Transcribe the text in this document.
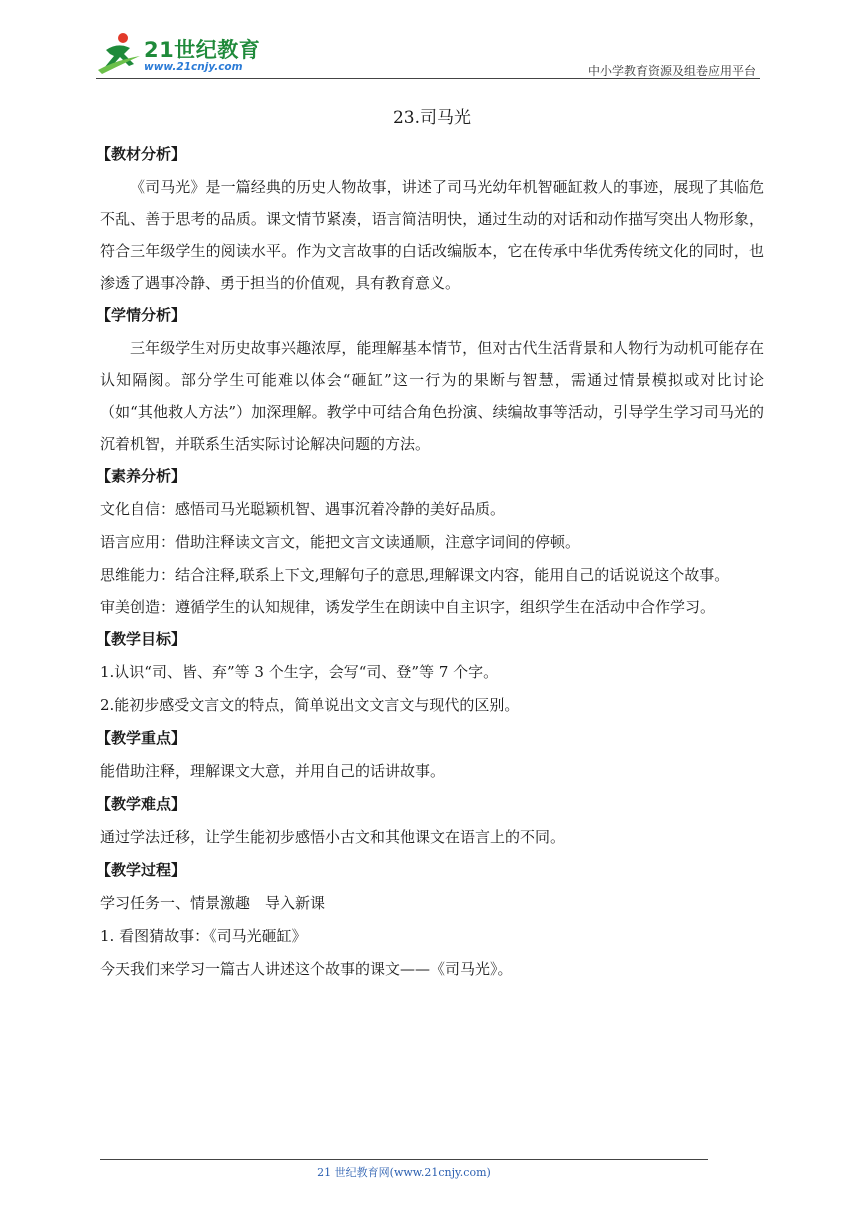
21世纪教育
www.21cnjy.com	中小学教育资源及组卷应用平台
23.司马光

【教材分析】

《司马光》是一篇经典的历史人物故事，讲述了司马光幼年机智砸缸救人的事迹，展现了其临危不乱、善于思考的品质。课文情节紧凑，语言简洁明快，通过生动的对话和动作描写突出人物形象，符合三年级学生的阅读水平。作为文言故事的白话改编版本，它在传承中华优秀传统文化的同时，也渗透了遇事冷静、勇于担当的价值观，具有教育意义。

【学情分析】

三年级学生对历史故事兴趣浓厚，能理解基本情节，但对古代生活背景和人物行为动机可能存在认知隔阂。部分学生可能难以体会“砸缸”这一行为的果断与智慧，需通过情景模拟或对比讨论（如“其他救人方法”）加深理解。教学中可结合角色扮演、续编故事等活动，引导学生学习司马光的沉着机智，并联系生活实际讨论解决问题的方法。

【素养分析】

文化自信：感悟司马光聪颖机智、遇事沉着冷静的美好品质。

语言应用：借助注释读文言文，能把文言文读通顺，注意字词间的停顿。

思维能力：结合注释,联系上下文,理解句子的意思,理解课文内容，能用自己的话说说这个故事。

审美创造：遵循学生的认知规律，诱发学生在朗读中自主识字，组织学生在活动中合作学习。

【教学目标】

1.认识“司、皆、弃”等 3 个生字，会写“司、登”等 7 个字。

2.能初步感受文言文的特点，简单说出文文言文与现代的区别。

【教学重点】

能借助注释，理解课文大意，并用自己的话讲故事。

【教学难点】

通过学法迁移，让学生能初步感悟小古文和其他课文在语言上的不同。

【教学过程】

学习任务一、情景激趣　导入新课

1. 看图猜故事：《司马光砸缸》

今天我们来学习一篇古人讲述这个故事的课文——《司马光》。

21 世纪教育网(www.21cnjy.com)
